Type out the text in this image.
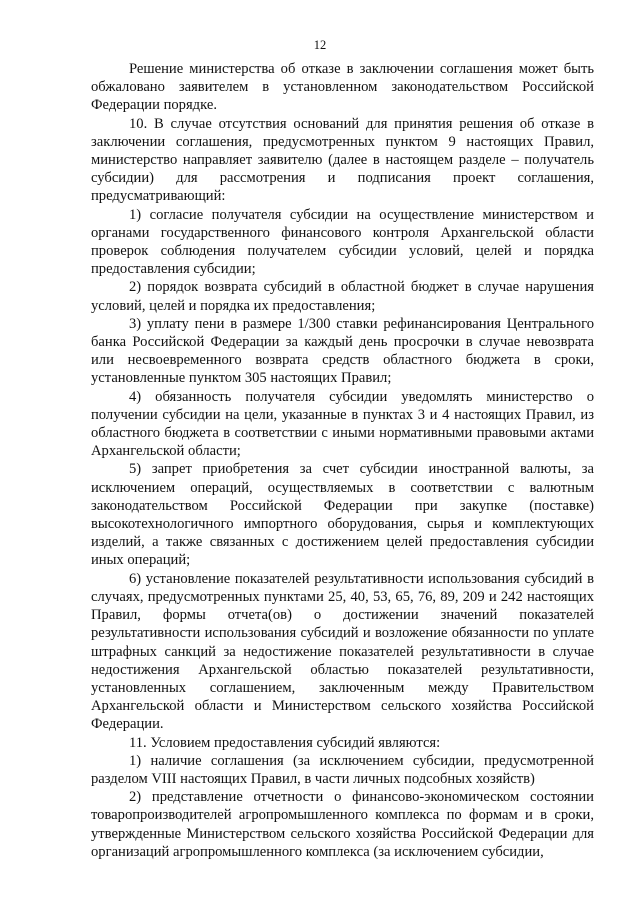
12

Решение министерства об отказе в заключении соглашения может быть обжаловано заявителем в установленном законодательством Российской Федерации порядке.

10. В случае отсутствия оснований для принятия решения об отказе в заключении соглашения, предусмотренных пунктом 9 настоящих Правил, министерство направляет заявителю (далее в настоящем разделе – получатель субсидии) для рассмотрения и подписания проект соглашения, предусматривающий:

1) согласие получателя субсидии на осуществление министерством и органами государственного финансового контроля Архангельской области проверок соблюдения получателем субсидии условий, целей и порядка предоставления субсидии;

2) порядок возврата субсидий в областной бюджет в случае нарушения условий, целей и порядка их предоставления;

3) уплату пени в размере 1/300 ставки рефинансирования Центрального банка Российской Федерации за каждый день просрочки в случае невозврата или несвоевременного возврата средств областного бюджета в сроки, установленные пунктом 305 настоящих Правил;

4) обязанность получателя субсидии уведомлять министерство о получении субсидии на цели, указанные в пунктах 3 и 4 настоящих Правил, из областного бюджета в соответствии с иными нормативными правовыми актами Архангельской области;

5) запрет приобретения за счет субсидии иностранной валюты, за исключением операций, осуществляемых в соответствии с валютным законодательством Российской Федерации при закупке (поставке) высокотехнологичного импортного оборудования, сырья и комплектующих изделий, а также связанных с достижением целей предоставления субсидии иных операций;

6) установление показателей результативности использования субсидий в случаях, предусмотренных пунктами 25, 40, 53, 65, 76, 89, 209 и 242 настоящих Правил, формы отчета(ов) о достижении значений показателей результативности использования субсидий и возложение обязанности по уплате штрафных санкций за недостижение показателей результативности в случае недостижения Архангельской областью показателей результативности, установленных соглашением, заключенным между Правительством Архангельской области и Министерством сельского хозяйства Российской Федерации.

11. Условием предоставления субсидий являются:

1) наличие соглашения (за исключением субсидии, предусмотренной разделом VIII настоящих Правил, в части личных подсобных хозяйств)

2) представление отчетности о финансово-экономическом состоянии товаропроизводителей агропромышленного комплекса по формам и в сроки, утвержденные Министерством сельского хозяйства Российской Федерации для организаций агропромышленного комплекса (за исключением субсидии,
